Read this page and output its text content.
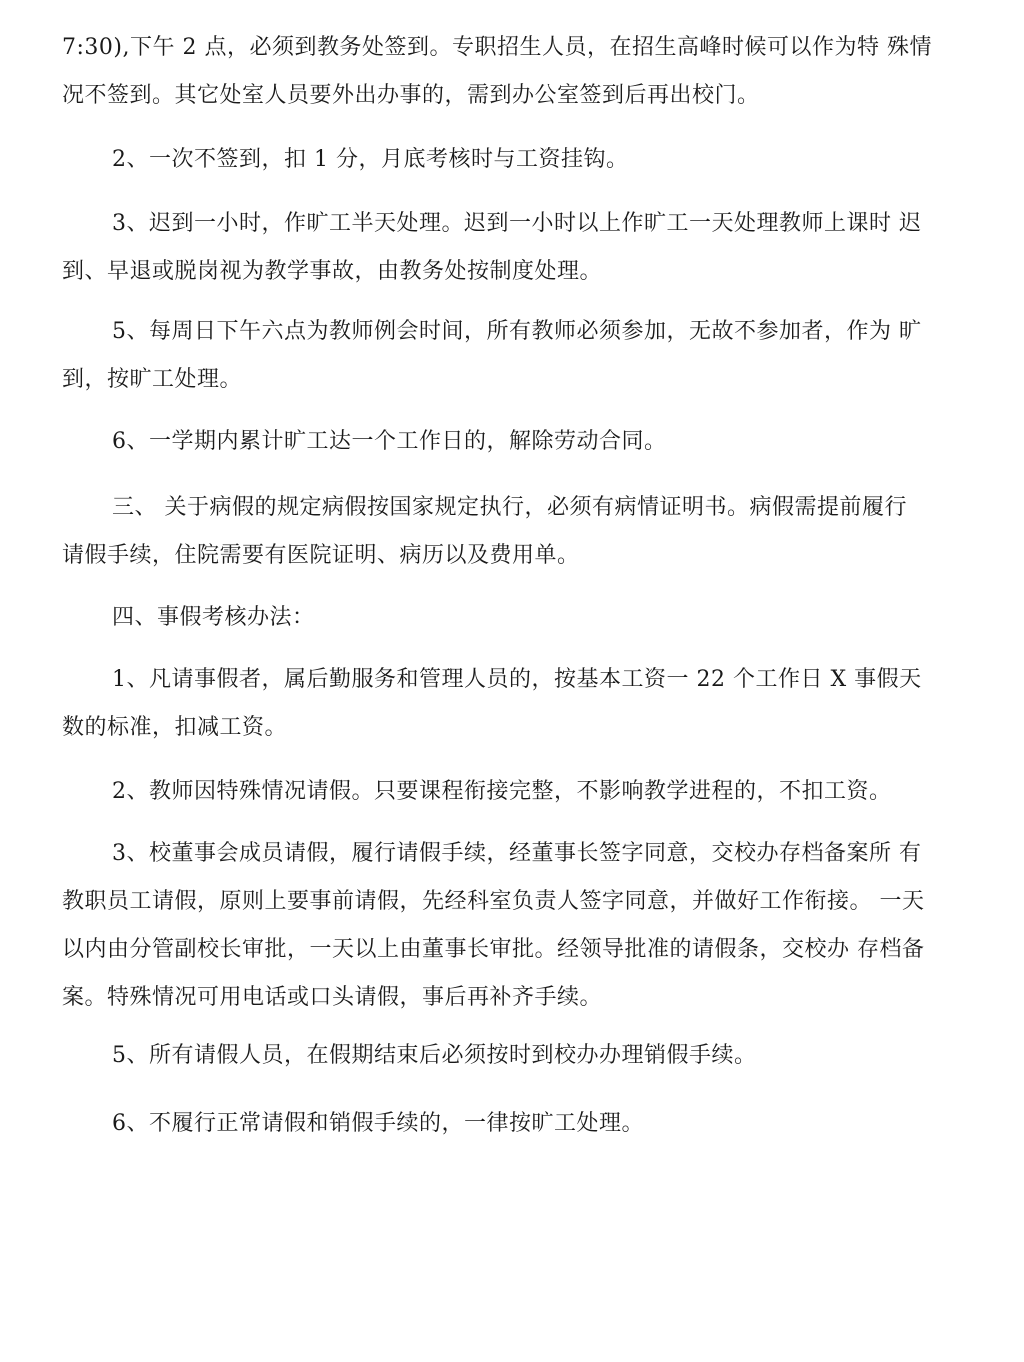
7:30),下午 2 点，必须到教务处签到。专职招生人员，在招生高峰时候可以作为特 殊情
况不签到。其它处室人员要外出办事的，需到办公室签到后再出校门。
2、一次不签到，扣 1 分，月底考核时与工资挂钩。
3、迟到一小时，作旷工半天处理。迟到一小时以上作旷工一天处理教师上课时 迟
到、早退或脱岗视为教学事故，由教务处按制度处理。
5、每周日下午六点为教师例会时间，所有教师必须参加，无故不参加者，作为 旷
到，按旷工处理。
6、一学期内累计旷工达一个工作日的，解除劳动合同。
三、 关于病假的规定病假按国家规定执行，必须有病情证明书。病假需提前履行
请假手续，住院需要有医院证明、病历以及费用单。
四、事假考核办法：
1、凡请事假者，属后勤服务和管理人员的，按基本工资一 22 个工作日 X 事假天
数的标准，扣减工资。
2、教师因特殊情况请假。只要课程衔接完整，不影响教学进程的，不扣工资。
3、校董事会成员请假，履行请假手续，经董事长签字同意，交校办存档备案所 有
教职员工请假，原则上要事前请假，先经科室负责人签字同意，并做好工作衔接。 一天
以内由分管副校长审批，一天以上由董事长审批。经领导批准的请假条，交校办 存档备
案。特殊情况可用电话或口头请假，事后再补齐手续。
5、所有请假人员，在假期结束后必须按时到校办办理销假手续。
6、不履行正常请假和销假手续的，一律按旷工处理。
